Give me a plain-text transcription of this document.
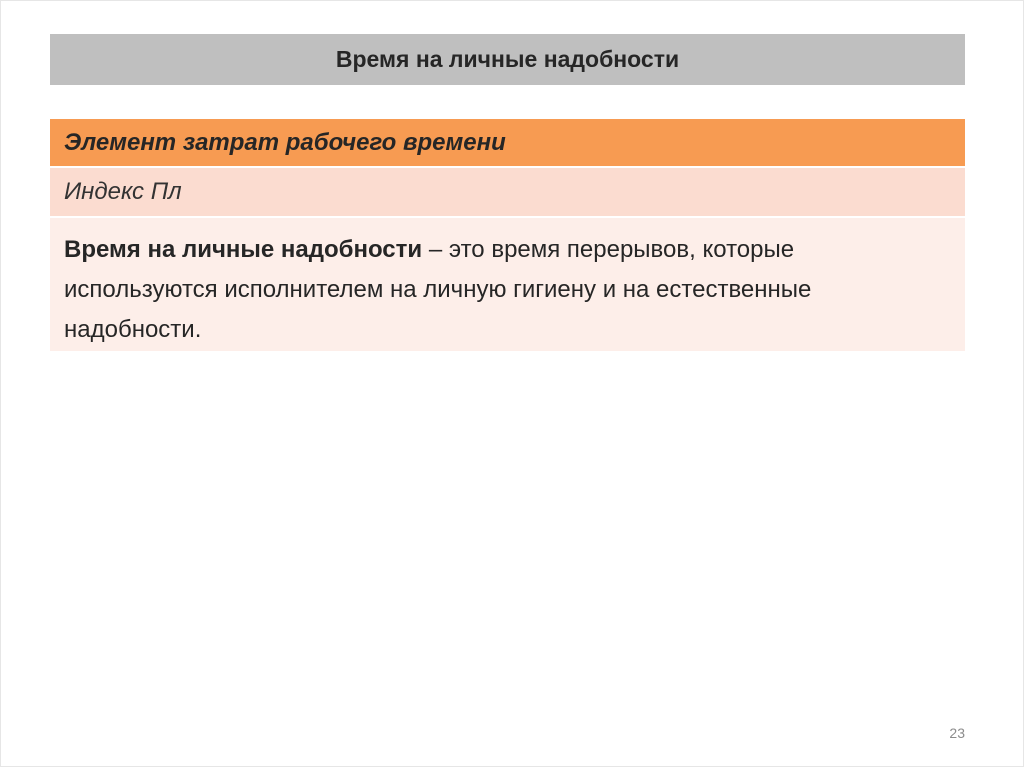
Время на личные надобности
Элемент затрат рабочего времени
Индекс Пл

Время на личные надобности – это время перерывов, которые используются исполнителем на личную гигиену и на естественные надобности.

23
